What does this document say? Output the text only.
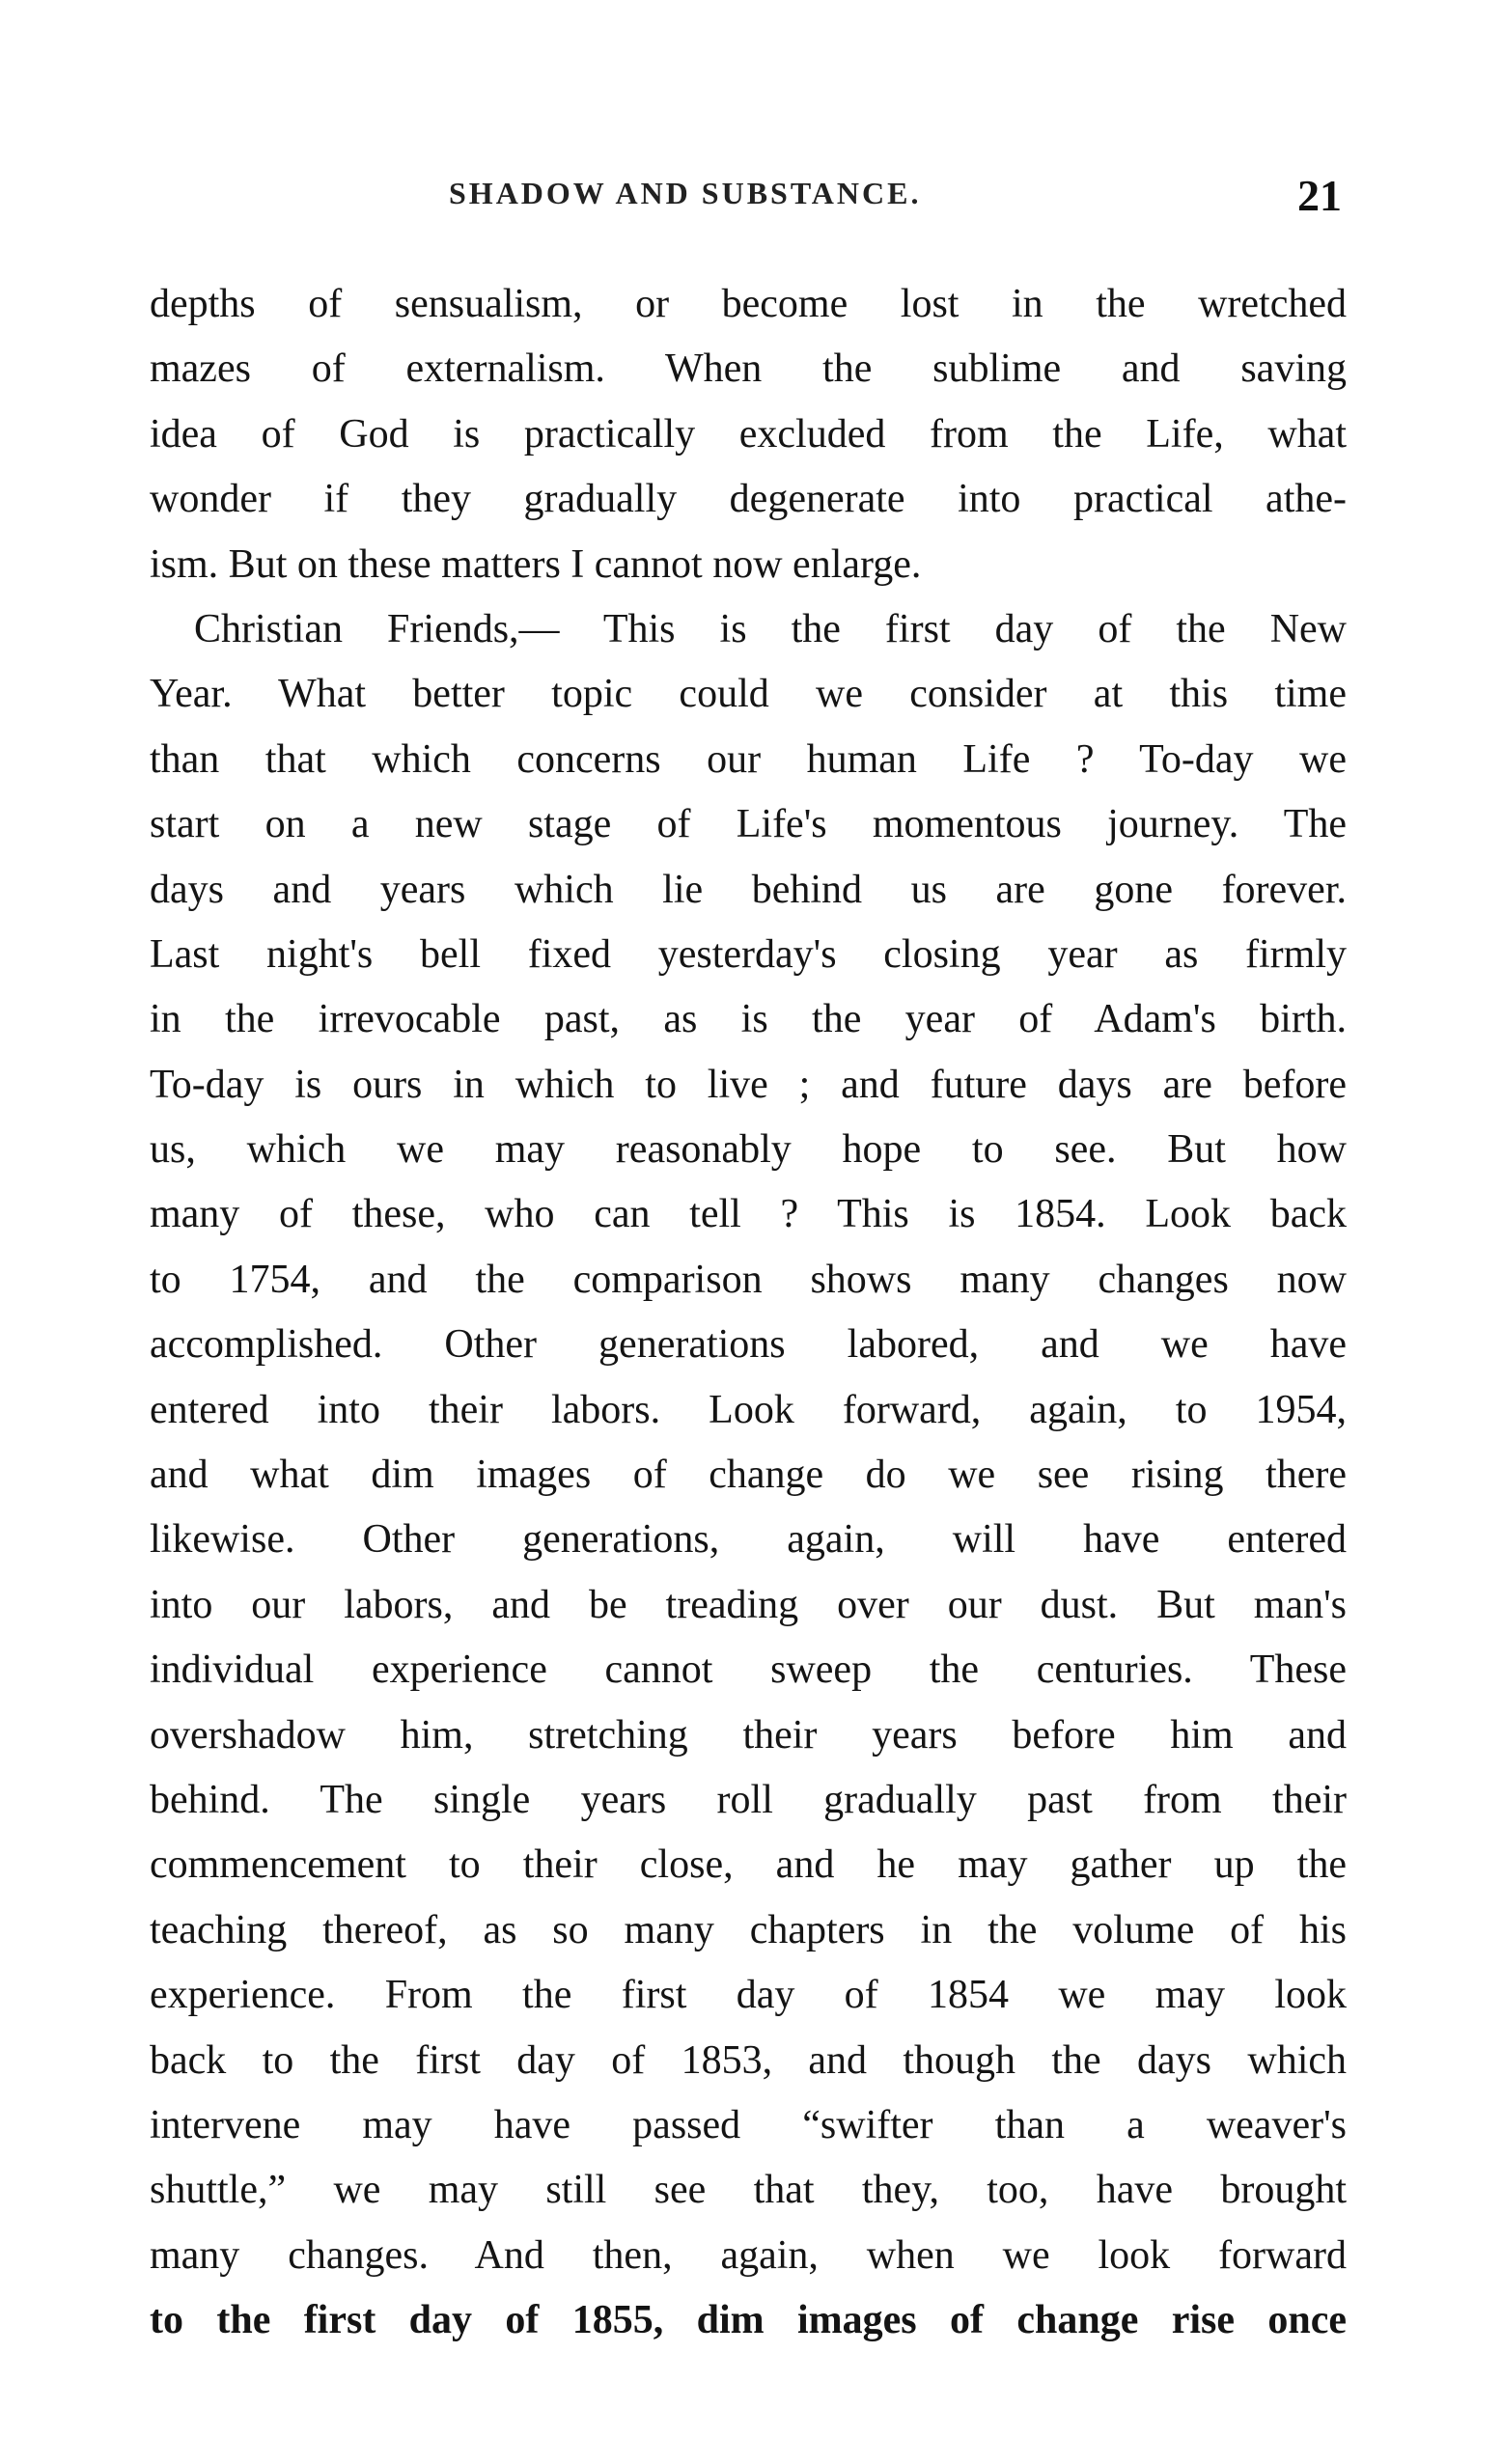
SHADOW AND SUBSTANCE.	21
depths of sensualism, or become lost in the wretched
mazes of externalism. When the sublime and saving
idea of God is practically excluded from the Life, what
wonder if they gradually degenerate into practical athe-
ism. But on these matters I cannot now enlarge.
Christian Friends,— This is the first day of the New
Year. What better topic could we consider at this time
than that which concerns our human Life ? To-day we
start on a new stage of Life's momentous journey. The
days and years which lie behind us are gone forever.
Last night's bell fixed yesterday's closing year as firmly
in the irrevocable past, as is the year of Adam's birth.
To-day is ours in which to live ; and future days are before
us, which we may reasonably hope to see. But how
many of these, who can tell ? This is 1854. Look back
to 1754, and the comparison shows many changes now
accomplished. Other generations labored, and we have
entered into their labors. Look forward, again, to 1954,
and what dim images of change do we see rising there
likewise. Other generations, again, will have entered
into our labors, and be treading over our dust. But man's
individual experience cannot sweep the centuries. These
overshadow him, stretching their years before him and
behind. The single years roll gradually past from their
commencement to their close, and he may gather up the
teaching thereof, as so many chapters in the volume of his
experience. From the first day of 1854 we may look
back to the first day of 1853, and though the days which
intervene may have passed “swifter than a weaver's
shuttle,” we may still see that they, too, have brought
many changes. And then, again, when we look forward
to the first day of 1855, dim images of change rise once
